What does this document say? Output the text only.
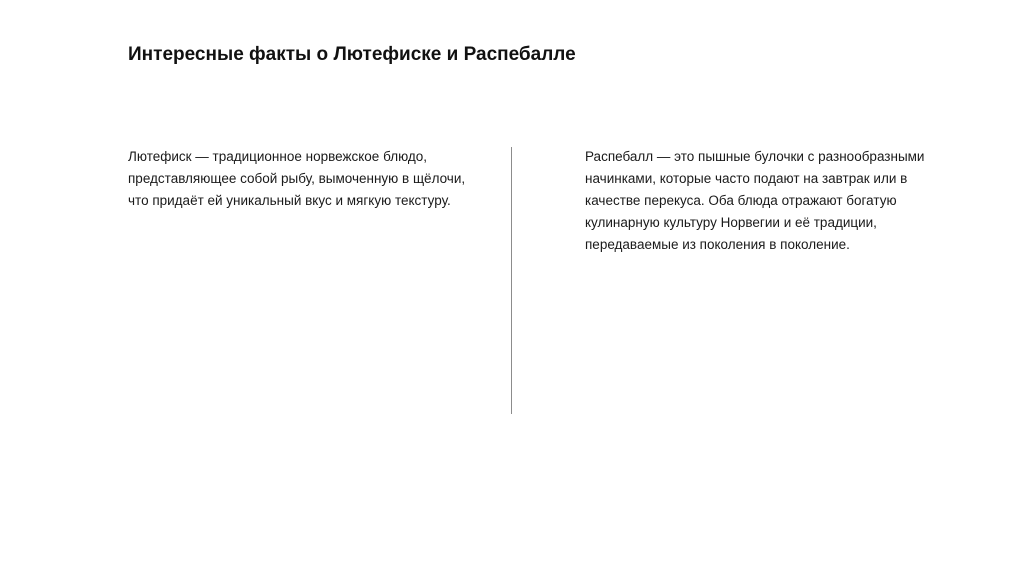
Интересные факты о Лютефиске и Распебалле

Лютефиск — традиционное норвежское блюдо, представляющее собой рыбу, вымоченную в щёлочи, что придаёт ей уникальный вкус и мягкую текстуру.

Распебалл — это пышные булочки с разнообразными начинками, которые часто подают на завтрак или в качестве перекуса. Оба блюда отражают богатую кулинарную культуру Норвегии и её традиции, передаваемые из поколения в поколение.
